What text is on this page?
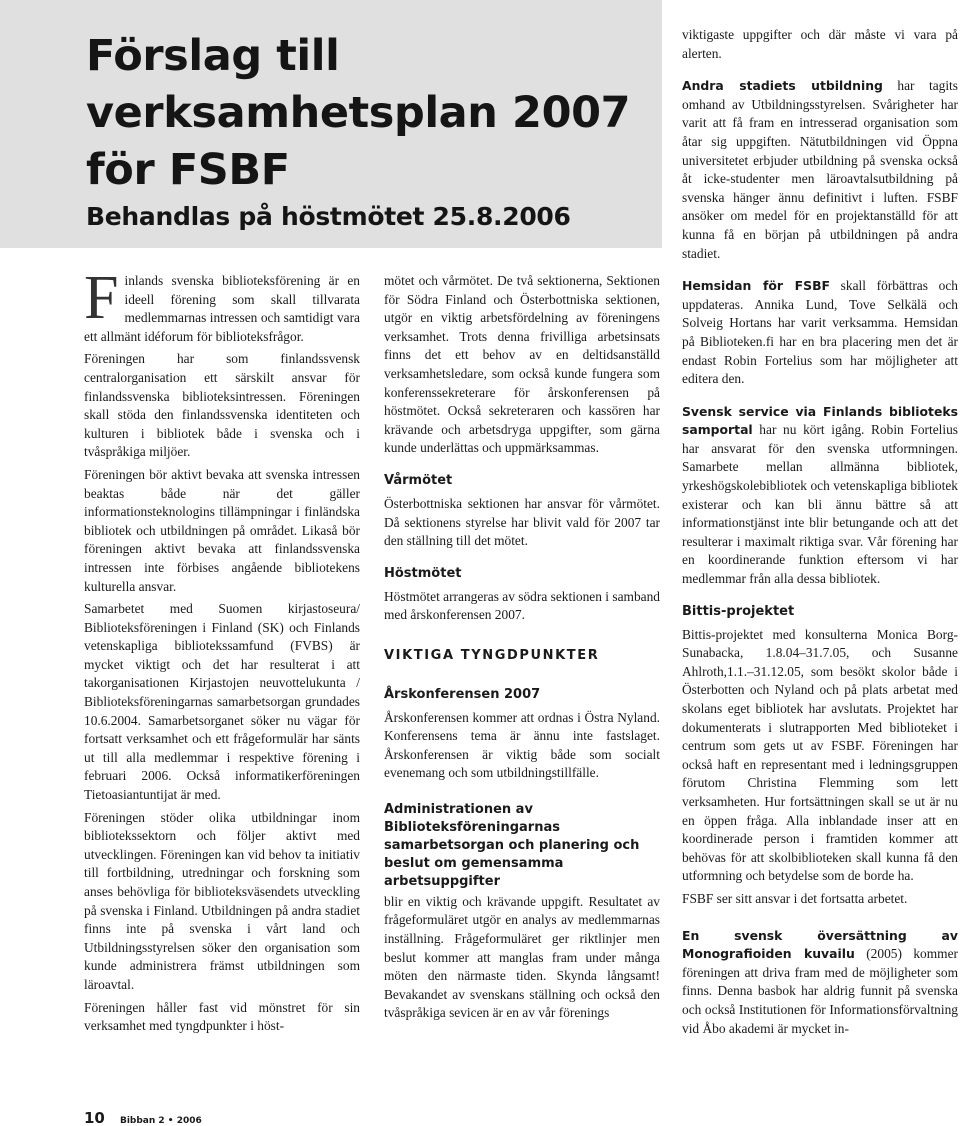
Förslag till
verksamhetsplan 2007
för FSBF
Behandlas på höstmötet 25.8.2006

Finlands svenska biblioteksförening är en ideell förening som skall tillvarata medlemmarnas intressen och samtidigt vara ett allmänt idéforum för biblioteksfrågor.

Föreningen har som finlandssvensk centralorganisation ett särskilt ansvar för finlandssvenska biblioteksintressen. Föreningen skall stöda den finlandssvenska identiteten och kulturen i bibliotek både i svenska och i tvåspråkiga miljöer.

Föreningen bör aktivt bevaka att svenska intressen beaktas både när det gäller informationsteknologins tillämpningar i finländska bibliotek och utbildningen på området. Likaså bör föreningen aktivt bevaka att finlandssvenska intressen inte förbises angående bibliotekens kulturella ansvar.

Samarbetet med Suomen kirjastoseura/ Biblioteksföreningen i Finland (SK) och Finlands vetenskapliga bibliotekssamfund (FVBS) är mycket viktigt och det har resulterat i att takorganisationen Kirjastojen neuvottelukunta / Biblioteksföreningarnas samarbetsorgan grundades 10.6.2004. Samarbetsorganet söker nu vägar för fortsatt verksamhet och ett frågeformulär har sänts ut till alla medlemmar i respektive förening i februari 2006. Också informatikerföreningen Tietoasiantuntijat är med.

Föreningen stöder olika utbildningar inom bibliotekssektorn och följer aktivt med utvecklingen. Föreningen kan vid behov ta initiativ till fortbildning, utredningar och forskning som anses behövliga för biblioteksväsendets utveckling på svenska i Finland. Utbildningen på andra stadiet finns inte på svenska i vårt land och Utbildningsstyrelsen söker den organisation som kunde administrera främst utbildningen som läroavtal.

Föreningen håller fast vid mönstret för sin verksamhet med tyngdpunkter i höst-

mötet och vårmötet. De två sektionerna, Sektionen för Södra Finland och Österbottniska sektionen, utgör en viktig arbetsfördelning av föreningens verksamhet. Trots denna frivilliga arbetsinsats finns det ett behov av en deltidsanställd verksamhetsledare, som också kunde fungera som konferenssekreterare för årskonferensen på höstmötet. Också sekreteraren och kassören har krävande och arbetsdryga uppgifter, som gärna kunde underlättas och uppmärksammas.

Vårmötet

Österbottniska sektionen har ansvar för vårmötet. Då sektionens styrelse har blivit vald för 2007 tar den ställning till det mötet.

Höstmötet

Höstmötet arrangeras av södra sektionen i samband med årskonferensen 2007.

VIKTIGA TYNGDPUNKTER
Årskonferensen 2007

Årskonferensen kommer att ordnas i Östra Nyland. Konferensens tema är ännu inte fastslaget. Årskonferensen är viktig både som socialt evenemang och som utbildningstillfälle.

Administrationen av Biblioteksföreningarnas samarbetsorgan och planering och beslut om gemensamma arbetsuppgifter

blir en viktig och krävande uppgift. Resultatet av frågeformuläret utgör en analys av medlemmarnas inställning. Frågeformuläret ger riktlinjer men beslut kommer att manglas fram under många möten den närmaste tiden. Skynda långsamt! Bevakandet av svenskans ställning och också den tvåspråkiga sevicen är en av vår förenings

viktigaste uppgifter och där måste vi vara på alerten.

Andra stadiets utbildning har tagits omhand av Utbildningsstyrelsen. Svårigheter har varit att få fram en intresserad organisation som åtar sig uppgiften. Nätutbildningen vid Öppna universitetet erbjuder utbildning på svenska också åt icke-studenter men läroavtalsutbildning på svenska hänger ännu definitivt i luften. FSBF ansöker om medel för en projektanställd för att kunna få en början på utbildningen på andra stadiet.

Hemsidan för FSBF skall förbättras och uppdateras. Annika Lund, Tove Selkälä och Solveig Hortans har varit verksamma. Hemsidan på Biblioteken.fi har en bra placering men det är endast Robin Fortelius som har möjligheter att editera den.

Svensk service via Finlands biblioteks samportal har nu kört igång. Robin Fortelius har ansvarat för den svenska utformningen. Samarbete mellan allmänna bibliotek, yrkeshögskolebibliotek och vetenskapliga bibliotek existerar och kan bli ännu bättre så att informationstjänst inte blir betungande och att det resulterar i maximalt riktiga svar. Vår förening har en koordinerande funktion eftersom vi har medlemmar från alla dessa bibliotek.

Bittis-projektet

Bittis-projektet med konsulterna Monica Borg-Sunabacka, 1.8.04–31.7.05, och Susanne Ahlroth,1.1.–31.12.05, som besökt skolor både i Österbotten och Nyland och på plats arbetat med skolans eget bibliotek har avslutats. Projektet har dokumenterats i slutrapporten Med biblioteket i centrum som gets ut av FSBF. Föreningen har också haft en representant med i ledningsgruppen förutom Christina Flemming som lett verksamheten. Hur fortsättningen skall se ut är nu en öppen fråga. Alla inblandade inser att en koordinerade person i framtiden kommer att behövas för att skolbiblioteken skall kunna få den utformning och betydelse som de borde ha.

FSBF ser sitt ansvar i det fortsatta arbetet.

En svensk översättning av Monografioiden kuvailu (2005) kommer föreningen att driva fram med de möjligheter som finns. Denna basbok har aldrig funnit på svenska och också Institutionen för Informationsförvaltning vid Åbo akademi är mycket in-

10 Bibban 2 • 2006
